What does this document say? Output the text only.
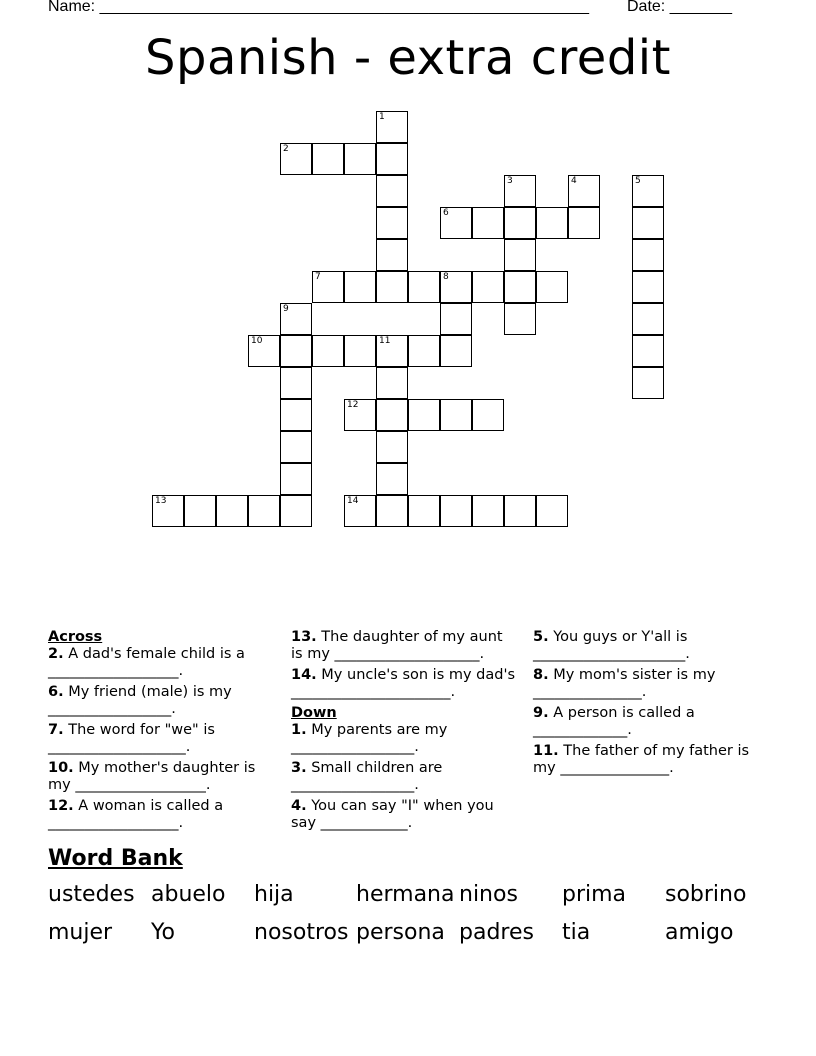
Name: _______________________________________________________ Date: _______
Spanish - extra credit
1
2
3	4	5
6
7	8
9
10	11
12
13	14
Across
2. A dad's female child is a __________________.
6. My friend (male) is my _________________.
7. The word for "we" is ___________________.
10. My mother's daughter is my __________________.
12. A woman is called a __________________.
13. The daughter of my aunt is my ____________________.
14. My uncle's son is my dad's ______________________.
Down
1. My parents are my _________________.
3. Small children are _________________.
4. You can say "I" when you say ____________.
5. You guys or Y'all is _____________________.
8. My mom's sister is my _______________.
9. A person is called a _____________.
11. The father of my father is my _______________.
Word Bank
ustedes abuelo hija	hermana ninos prima sobrino
mujer Yo	nosotros persona padres tia	amigo
